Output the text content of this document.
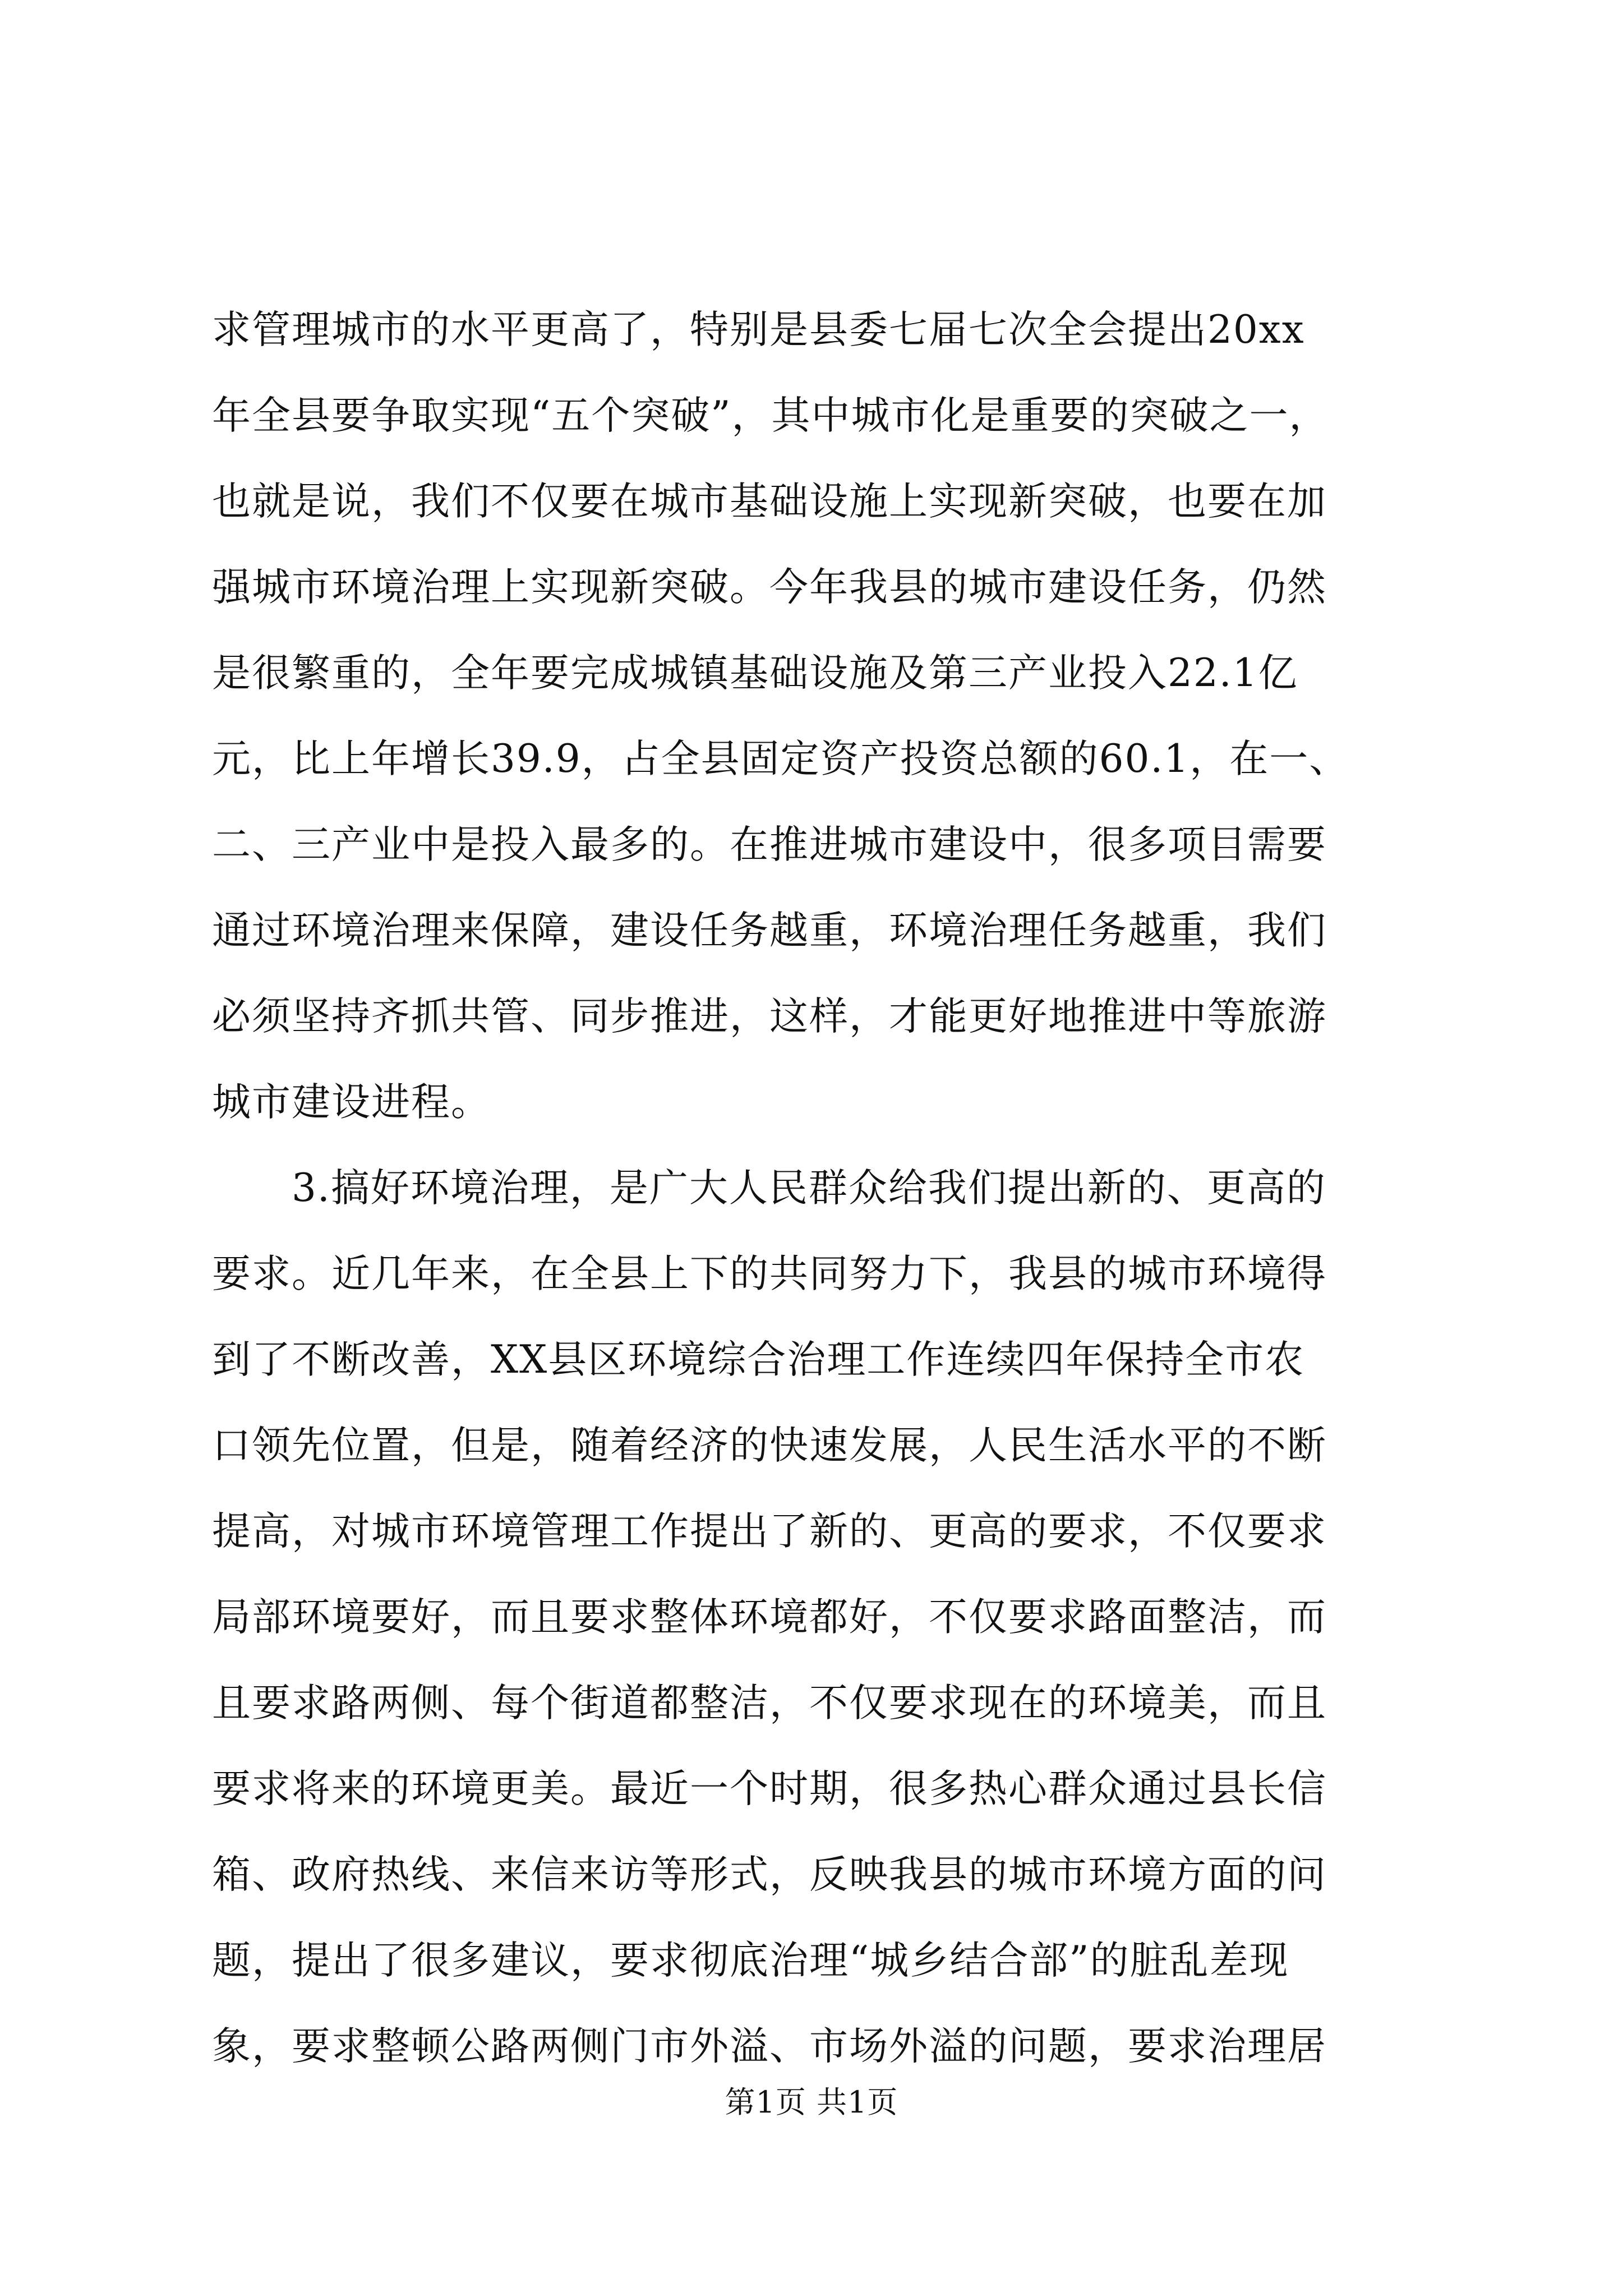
求管理城市的水平更高了，特别是县委七届七次全会提出20xx
年全县要争取实现“五个突破”，其中城市化是重要的突破之一，
也就是说，我们不仅要在城市基础设施上实现新突破，也要在加
强城市环境治理上实现新突破。今年我县的城市建设任务，仍然
是很繁重的，全年要完成城镇基础设施及第三产业投入22.1亿
元，比上年增长39.9，占全县固定资产投资总额的60.1，在一、
二、三产业中是投入最多的。在推进城市建设中，很多项目需要
通过环境治理来保障，建设任务越重，环境治理任务越重，我们
必须坚持齐抓共管、同步推进，这样，才能更好地推进中等旅游
城市建设进程。
3.搞好环境治理，是广大人民群众给我们提出新的、更高的
要求。近几年来，在全县上下的共同努力下，我县的城市环境得
到了不断改善，XX县区环境综合治理工作连续四年保持全市农
口领先位置，但是，随着经济的快速发展，人民生活水平的不断
提高，对城市环境管理工作提出了新的、更高的要求，不仅要求
局部环境要好，而且要求整体环境都好，不仅要求路面整洁，而
且要求路两侧、每个街道都整洁，不仅要求现在的环境美，而且
要求将来的环境更美。最近一个时期，很多热心群众通过县长信
箱、政府热线、来信来访等形式，反映我县的城市环境方面的问
题，提出了很多建议，要求彻底治理“城乡结合部”的脏乱差现
象，要求整顿公路两侧门市外溢、市场外溢的问题，要求治理居
第1页 共1页
